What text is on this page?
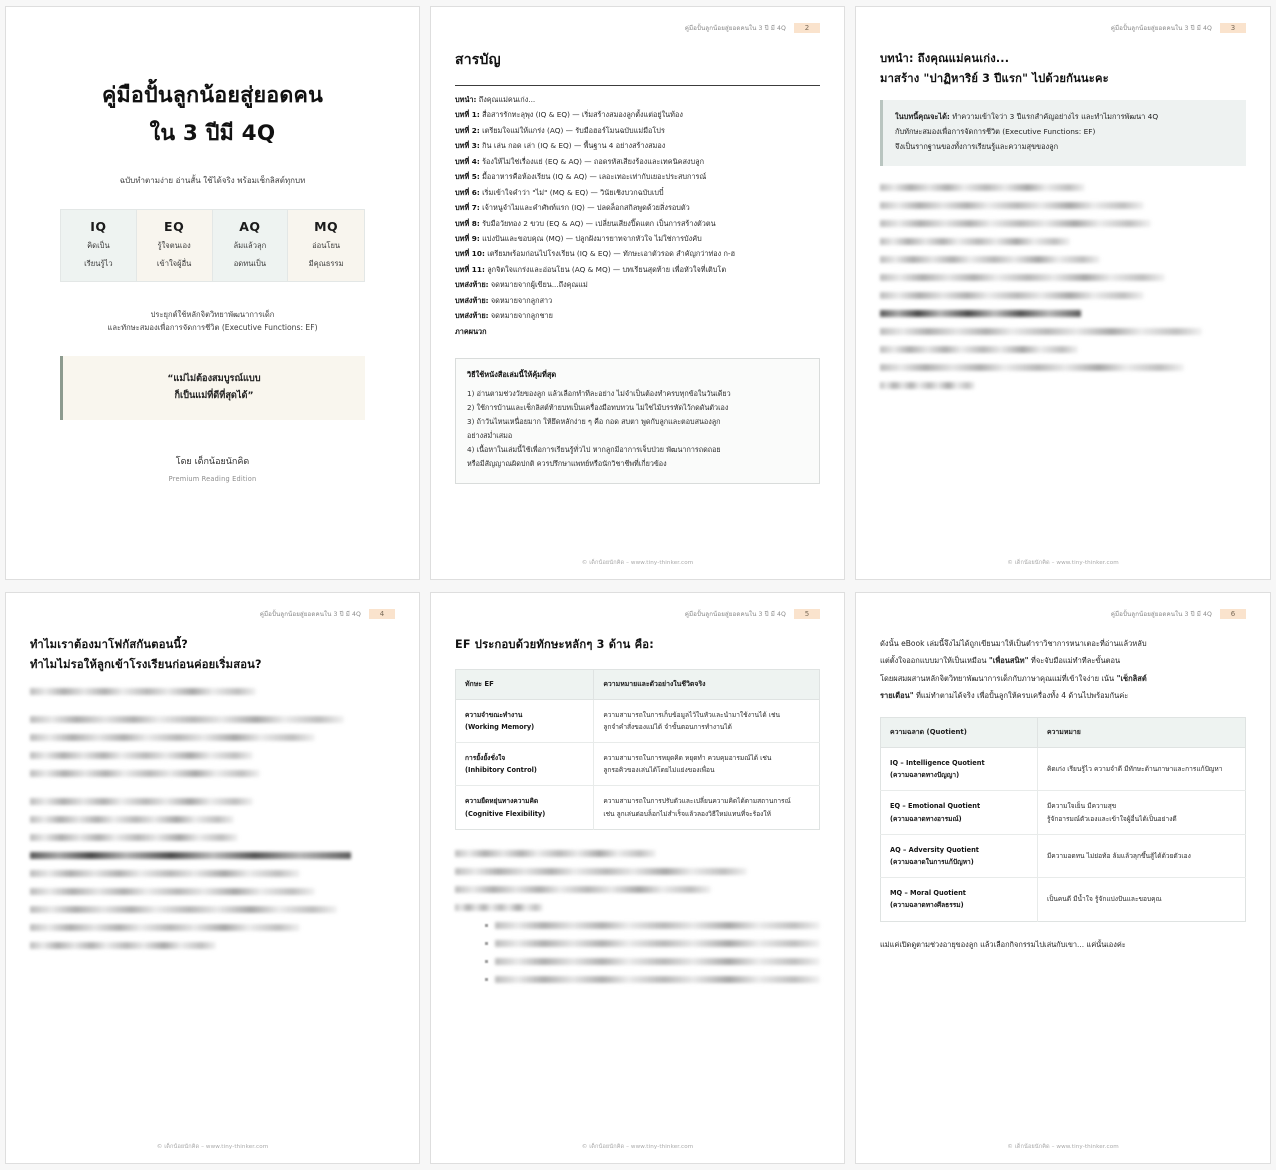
คู่มือปั้นลูกน้อยสู่ยอดคน
ใน 3 ปีมี 4Q
ฉบับทำตามง่าย อ่านสั้น ใช้ได้จริง พร้อมเช็กลิสต์ทุกบท
IQ
คิดเป็น
เรียนรู้ไว
EQ
รู้ใจตนเอง
เข้าใจผู้อื่น
AQ
ล้มแล้วลุก
อดทนเป็น
MQ
อ่อนโยน
มีคุณธรรม
ประยุกต์ใช้หลักจิตวิทยาพัฒนาการเด็ก
และทักษะสมองเพื่อการจัดการชีวิต (Executive Functions: EF)
“แม่ไม่ต้องสมบูรณ์แบบ
ก็เป็นแม่ที่ดีที่สุดได้”
โดย เด็กน้อยนักคิด
Premium Reading Edition
คู่มือปั้นลูกน้อยสู่ยอดคนใน 3 ปี มี 4Q	2
สารบัญ
บทนำ: ถึงคุณแม่คนเก่ง...
บทที่ 1: สื่อสารรักทะลุพุง (IQ & EQ) — เริ่มสร้างสมองลูกตั้งแต่อยู่ในท้อง
บทที่ 2: เตรียมใจแม่ให้แกร่ง (AQ) — รับมือฮอร์โมนฉบับแม่มือโปร
บทที่ 3: กิน เล่น กอด เล่า (IQ & EQ) — พื้นฐาน 4 อย่างสร้างสมอง
บทที่ 4: ร้องให้ไม่ใช่เรื่องแย่ (EQ & AQ) — ถอดรหัสเสียงร้องและเทคนิคสงบลูก
บทที่ 5: มื้ออาหารคือห้องเรียน (IQ & AQ) — เลอะเทอะเท่ากับเยอะประสบการณ์
บทที่ 6: เริ่มเข้าใจคำว่า "ไม่" (MQ & EQ) — วินัยเชิงบวกฉบับเบบี๋
บทที่ 7: เจ้าหนูจำไมและคำศัพท์แรก (IQ) — ปลดล็อกสกิลพูดด้วยสิ่งรอบตัว
บทที่ 8: รับมือวัยทอง 2 ขวบ (EQ & AQ) — เปลี่ยนเสียงปี๊ดแตก เป็นการสร้างตัวตน
บทที่ 9: แบ่งปันและขอบคุณ (MQ) — ปลูกฝังมารยาทจากหัวใจ ไม่ใช่การบังคับ
บทที่ 10: เตรียมพร้อมก่อนไปโรงเรียน (IQ & EQ) — ทักษะเอาตัวรอด สำคัญกว่าท่อง ก-ฮ
บทที่ 11: ลูกจิตใจแกร่งและอ่อนโยน (AQ & MQ) — บทเรียนสุดท้าย เพื่อหัวใจที่เติบโต
บทส่งท้าย: จดหมายจากผู้เขียน...ถึงคุณแม่
บทส่งท้าย: จดหมายจากลูกสาว
บทส่งท้าย: จดหมายจากลูกชาย
ภาคผนวก
วิธีใช้หนังสือเล่มนี้ให้คุ้มที่สุด
1) อ่านตามช่วงวัยของลูก แล้วเลือกทำทีละอย่าง ไม่จำเป็นต้องทำครบทุกข้อในวันเดียว
2) ใช้การบ้านและเช็กลิสต์ท้ายบทเป็นเครื่องมือทบทวน ไม่ใช่ไม้บรรทัดไว้กดดันตัวเอง
3) ถ้าวันไหนเหนื่อยมาก ให้ยึดหลักง่าย ๆ คือ กอด สบตา พูดกับลูกและตอบสนองลูก
อย่างสม่ำเสมอ
4) เนื้อหาในเล่มนี้ใช้เพื่อการเรียนรู้ทั่วไป หากลูกมีอาการเจ็บป่วย พัฒนาการถดถอย
หรือมีสัญญาณผิดปกติ ควรปรึกษาแพทย์หรือนักวิชาชีพที่เกี่ยวข้อง
© เด็กน้อยนักคิด – www.tiny-thinker.com
คู่มือปั้นลูกน้อยสู่ยอดคนใน 3 ปี มี 4Q	3
บทนำ: ถึงคุณแม่คนเก่ง...
มาสร้าง "ปาฏิหาริย์ 3 ปีแรก" ไปด้วยกันนะคะ
ในบทนี้คุณจะได้: ทำความเข้าใจว่า 3 ปีแรกสำคัญอย่างไร และทำไมการพัฒนา 4Q
กับทักษะสมองเพื่อการจัดการชีวิต (Executive Functions: EF)
จึงเป็นรากฐานของทั้งการเรียนรู้และความสุขของลูก
© เด็กน้อยนักคิด – www.tiny-thinker.com
คู่มือปั้นลูกน้อยสู่ยอดคนใน 3 ปี มี 4Q	4
ทำไมเราต้องมาโฟกัสกันตอนนี้?
ทำไมไม่รอให้ลูกเข้าโรงเรียนก่อนค่อยเริ่มสอน?
© เด็กน้อยนักคิด – www.tiny-thinker.com
คู่มือปั้นลูกน้อยสู่ยอดคนใน 3 ปี มี 4Q	5
EF ประกอบด้วยทักษะหลักๆ 3 ด้าน คือ:
ทักษะ EF	ความหมายและตัวอย่างในชีวิตจริง

ความจำขณะทำงาน
(Working Memory)	ความสามารถในการเก็บข้อมูลไว้ในหัวและนำมาใช้งานได้ เช่น
ลูกจำคำสั่งของแม่ได้ จำขั้นตอนการทำงานได้

การยั้งยั้งชั่งใจ
(Inhibitory Control)	ความสามารถในการหยุดคิด หยุดทำ ควบคุมอารมณ์ได้ เช่น
ลูกรอคิวของเล่นได้โดยไม่แย่งของเพื่อน

ความยืดหยุ่นทางความคิด
(Cognitive Flexibility)	ความสามารถในการปรับตัวและเปลี่ยนความคิดได้ตามสถานการณ์
เช่น ลูกเล่นต่อบล็อกไม่สำเร็จแล้วลองวิธีใหม่แทนที่จะร้องให้
© เด็กน้อยนักคิด – www.tiny-thinker.com
คู่มือปั้นลูกน้อยสู่ยอดคนใน 3 ปี มี 4Q	6

ดังนั้น eBook เล่มนี้จึงไม่ได้ถูกเขียนมาให้เป็นตำราวิชาการหนาเตอะที่อ่านแล้วหลับ
แต่ตั้งใจออกแบบมาให้เป็นเหมือน "เพื่อนสนิท" ที่จะจับมือแม่ทำทีละขั้นตอน
โดยผสมผสานหลักจิตวิทยาพัฒนาการเด็กกับภาษาคุณแม่ที่เข้าใจง่าย เน้น "เช็กลิสต์
รายเดือน" ที่แม่ทำตามได้จริง เพื่อปั้นลูกให้ครบเครื่องทั้ง 4 ด้านไปพร้อมกันค่ะ

ความฉลาด (Quotient)	ความหมาย

IQ – Intelligence Quotient
(ความฉลาดทางปัญญา)	คิดเก่ง เรียนรู้ไว ความจำดี มีทักษะด้านภาษาและการแก้ปัญหา

EQ – Emotional Quotient
(ความฉลาดทางอารมณ์)	มีความใจเย็น มีความสุข
รู้จักอารมณ์ตัวเองและเข้าใจผู้อื่นได้เป็นอย่างดี

AQ – Adversity Quotient
(ความฉลาดในการแก้ปัญหา)	มีความอดทน ไม่ย่อท้อ ล้มแล้วลุกขึ้นสู้ได้ด้วยตัวเอง

MQ – Moral Quotient
(ความฉลาดทางศีลธรรม)	เป็นคนดี มีน้ำใจ รู้จักแบ่งปันและขอบคุณ
แม่แค่เปิดดูตามช่วงอายุของลูก แล้วเลือกกิจกรรมไปเล่นกับเขา... แค่นั้นเองค่ะ
© เด็กน้อยนักคิด – www.tiny-thinker.com
